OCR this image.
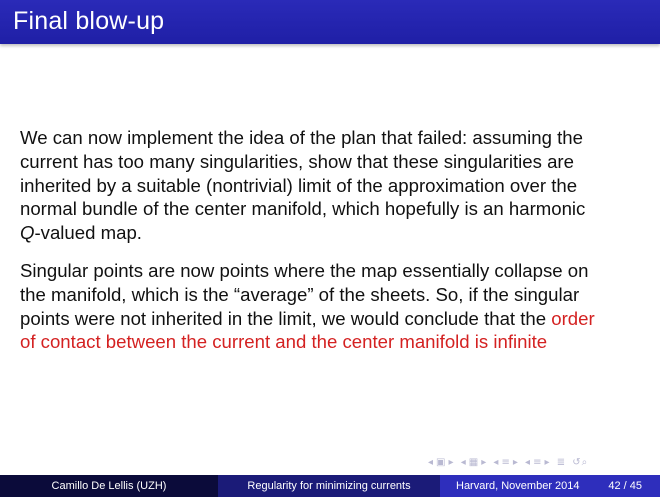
Final blow-up
We can now implement the idea of the plan that failed: assuming the
current has too many singularities, show that these singularities are
inherited by a suitable (nontrivial) limit of the approximation over the
normal bundle of the center manifold, which hopefully is an harmonic
Q-valued map.
Singular points are now points where the map essentially collapse on
the manifold, which is the “average” of the sheets. So, if the singular
points were not inherited in the limit, we would conclude that the order
of contact between the current and the center manifold is infinite
◂ ▣ ▸ ◂ ▦ ▸ ◂ ≡ ▸ ◂ ≡ ▸ ≣ ↺⌕
Camillo De Lellis (UZH)	Regularity for minimizing currents	Harvard, November 2014	42 / 45
